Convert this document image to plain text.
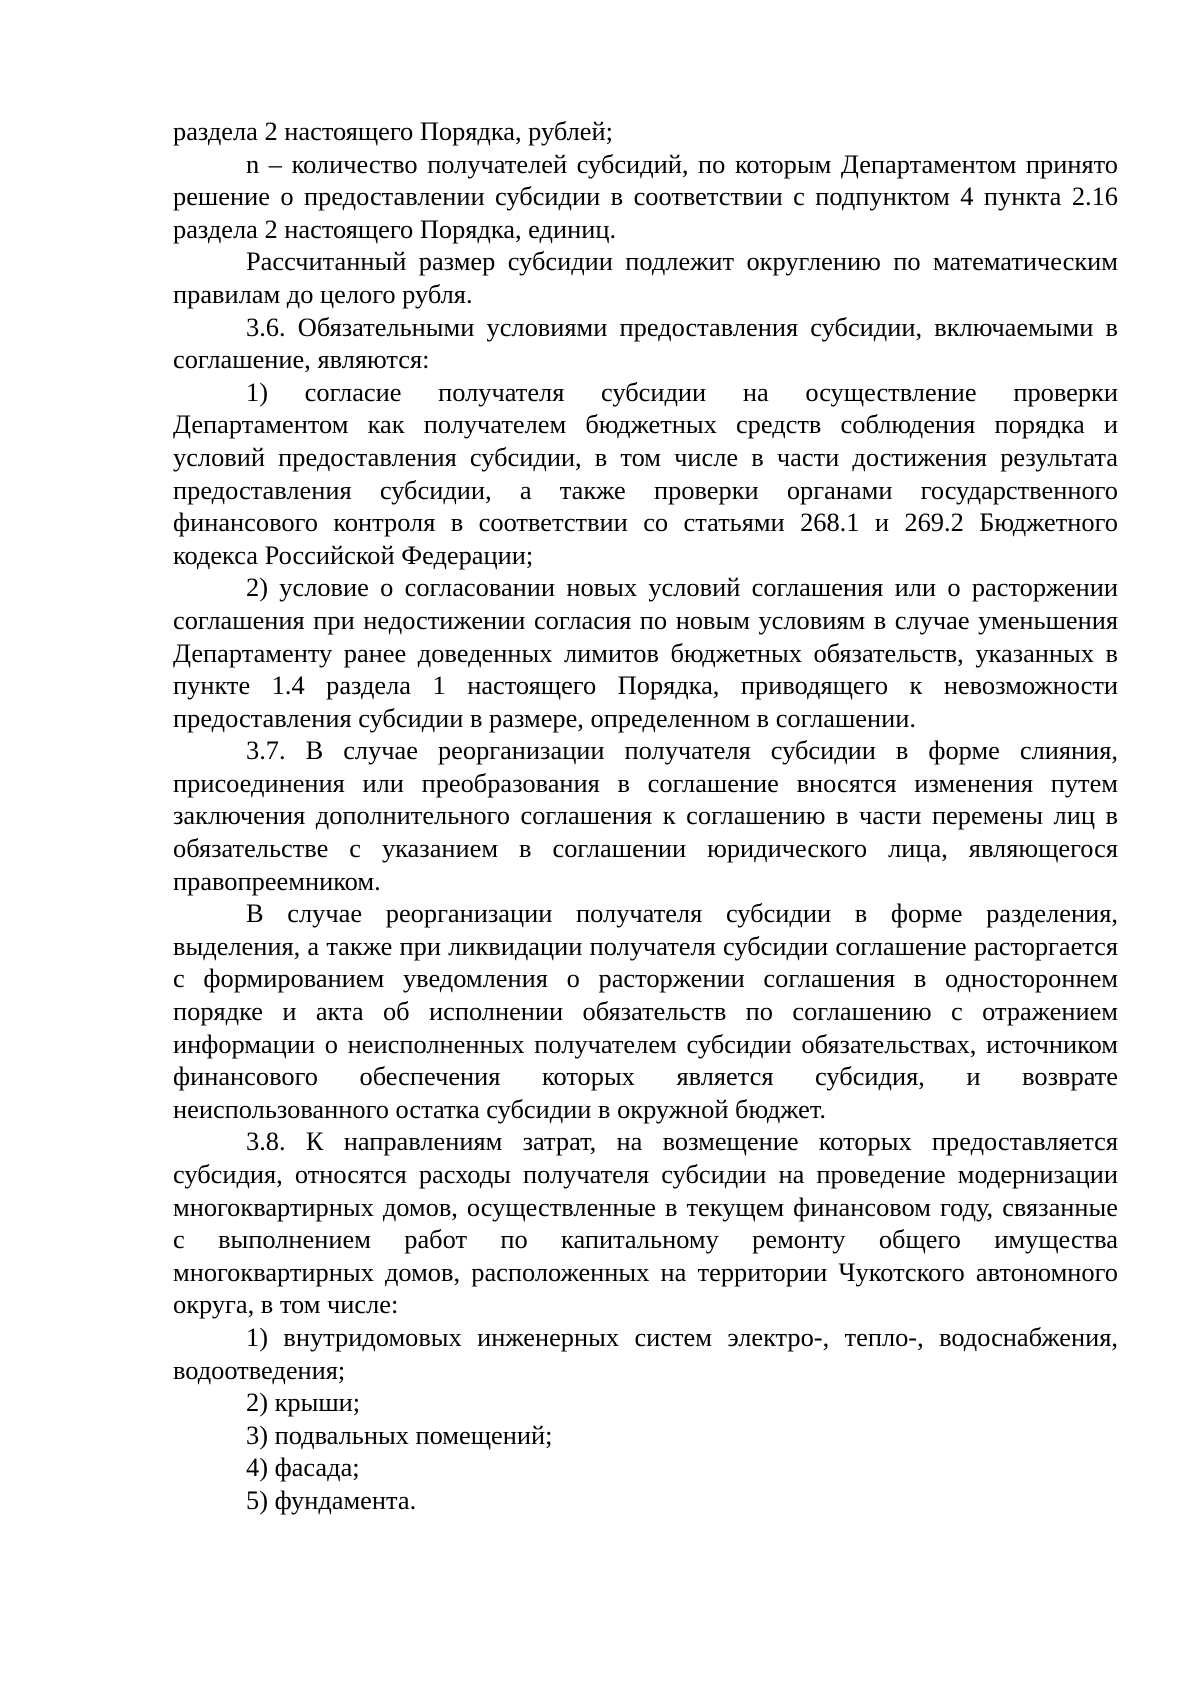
раздела 2 настоящего Порядка, рублей;

n – количество получателей субсидий, по которым Департаментом принято решение о предоставлении субсидии в соответствии с подпунктом 4 пункта 2.16 раздела 2 настоящего Порядка, единиц.

Рассчитанный размер субсидии подлежит округлению по математическим правилам до целого рубля.

3.6. Обязательными условиями предоставления субсидии, включаемыми в соглашение, являются:

1) согласие получателя субсидии на осуществление проверки Департаментом как получателем бюджетных средств соблюдения порядка и условий предоставления субсидии, в том числе в части достижения результата предоставления субсидии, а также проверки органами государственного финансового контроля в соответствии со статьями 268.1 и 269.2 Бюджетного кодекса Российской Федерации;

2) условие о согласовании новых условий соглашения или о расторжении соглашения при недостижении согласия по новым условиям в случае уменьшения Департаменту ранее доведенных лимитов бюджетных обязательств, указанных в пункте 1.4 раздела 1 настоящего Порядка, приводящего к невозможности предоставления субсидии в размере, определенном в соглашении.

3.7. В случае реорганизации получателя субсидии в форме слияния, присоединения или преобразования в соглашение вносятся изменения путем заключения дополнительного соглашения к соглашению в части перемены лиц в обязательстве с указанием в соглашении юридического лица, являющегося правопреемником.

В случае реорганизации получателя субсидии в форме разделения, выделения, а также при ликвидации получателя субсидии соглашение расторгается с формированием уведомления о расторжении соглашения в одностороннем порядке и акта об исполнении обязательств по соглашению с отражением информации о неисполненных получателем субсидии обязательствах, источником финансового обеспечения которых является субсидия, и возврате неиспользованного остатка субсидии в окружной бюджет.

3.8. К направлениям затрат, на возмещение которых предоставляется субсидия, относятся расходы получателя субсидии на проведение модернизации многоквартирных домов, осуществленные в текущем финансовом году, связанные с выполнением работ по капитальному ремонту общего имущества многоквартирных домов, расположенных на территории Чукотского автономного округа, в том числе:

1) внутридомовых инженерных систем электро-, тепло-, водоснабжения, водоотведения;

2) крыши;

3) подвальных помещений;

4) фасада;

5) фундамента.
